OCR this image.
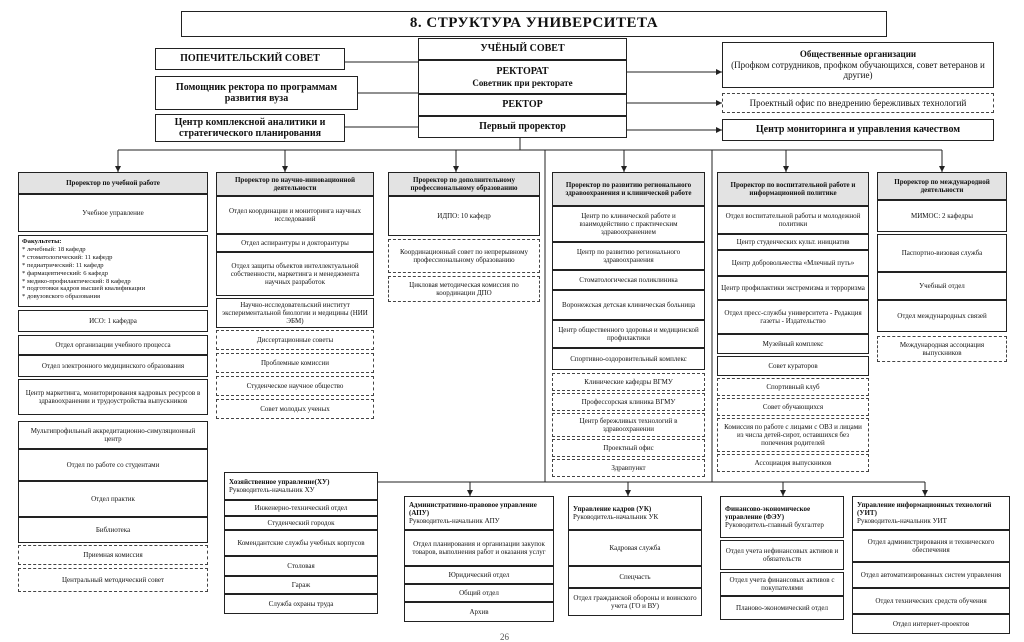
8. СТРУКТУРА УНИВЕРСИТЕТА
ПОПЕЧИТЕЛЬСКИЙ СОВЕТ
Помощник ректора по программам развития вуза
Центр комплексной аналитики и стратегического планирования
УЧЁНЫЙ СОВЕТ
РЕКТОРАТ
Советник при ректорате
РЕКТОР
Первый проректор
Общественные организации
(Профком сотрудников, профком обучающихся, совет ветеранов и другие)
Проектный офис по внедрению бережливых технологий
Центр мониторинга и управления качеством
Проректор по учебной работе
Учебное управление
Факультеты:
* лечебный: 18 кафедр
* стоматологический: 11 кафедр
* педиатрический: 11 кафедр
* фармацевтический: 6 кафедр
* медико-профилактический: 8 кафедр
* подготовки кадров высшей квалификации
* довузовского образования
ИСО: 1 кафедра
Отдел организации учебного процесса
Отдел электронного медицинского образования
Центр маркетинга, мониторирования кадровых ресурсов в здравоохранении и трудоустройства выпускников
Мультипрофильный аккредитационно-симуляционный центр
Отдел по работе со студентами
Отдел практик
Библиотека
Приемная комиссия
Центральный методический совет
Проректор по научно-инновационной деятельности
Отдел координации и мониторинга научных исследований
Отдел аспирантуры и докторантуры
Отдел защиты объектов интеллектуальной собственности, маркетинга и менеджмента научных разработок
Научно-исследовательский институт экспериментальной биологии и медицины (НИИ ЭБМ)
Диссертационные советы
Проблемные комиссии
Студенческое научное общество
Совет молодых ученых
Проректор по дополнительному профессиональному образованию
ИДПО: 10 кафедр
Координационный совет по непрерывному профессиональному образованию
Цикловая методическая комиссия по координации ДПО
Проректор по развитию регионального здравоохранения и клинической работе
Центр по клинической работе и взаимодействию с практическим здравоохранением
Центр по развитию регионального здравоохранения
Стоматологическая поликлиника
Воронежская детская клиническая больница
Центр общественного здоровья и медицинской профилактики
Спортивно-оздоровительный комплекс
Клинические кафедры ВГМУ
Профессорская клиника ВГМУ
Центр бережливых технологий в здравоохранении
Проектный офис
Здравпункт
Проректор по воспитательной работе и информационной политике
Отдел воспитательной работы и молодежной политики
Центр студенческих культ. инициатив
Центр добровольчества «Млечный путь»
Центр профилактики экстремизма и терроризма
Отдел пресс-службы университета - Редакция газеты - Издательство
Музейный комплекс
Совет кураторов
Спортивный клуб
Совет обучающихся
Комиссия по работе с лицами с ОВЗ и лицами из числа детей-сирот, оставшихся без попечения родителей
Ассоциация выпускников
Проректор по международной деятельности
МИМОС: 2 кафедры
Паспортно-визовая служба
Учебный отдел
Отдел международных связей
Международная ассоциация выпускников
Хозяйственное управление(ХУ)
Руководитель-начальник ХУ
Инженерно-технический отдел
Студенческий городок
Комендантские службы учебных корпусов
Столовая
Гараж
Служба охраны труда
Административно-правовое управление (АПУ)
Руководитель-начальник АПУ
Отдел планирования и организации закупок товаров, выполнения работ и оказания услуг
Юридический отдел
Общий отдел
Архив
Управление кадров (УК)
Руководитель-начальник УК
Кадровая служба
Спецчасть
Отдел гражданской обороны и воинского учета (ГО и ВУ)
Финансово-экономическое управление (ФЭУ)
Руководитель-главный бухгалтер
Отдел учета нефинансовых активов и обязательств
Отдел учета финансовых активов с покупателями
Планово-экономический отдел
Управление информационных технологий (УИТ)
Руководитель-начальник УИТ
Отдел администрирования и технического обеспечения
Отдел автоматизированных систем управления
Отдел технических средств обучения
Отдел интернет-проектов
26
